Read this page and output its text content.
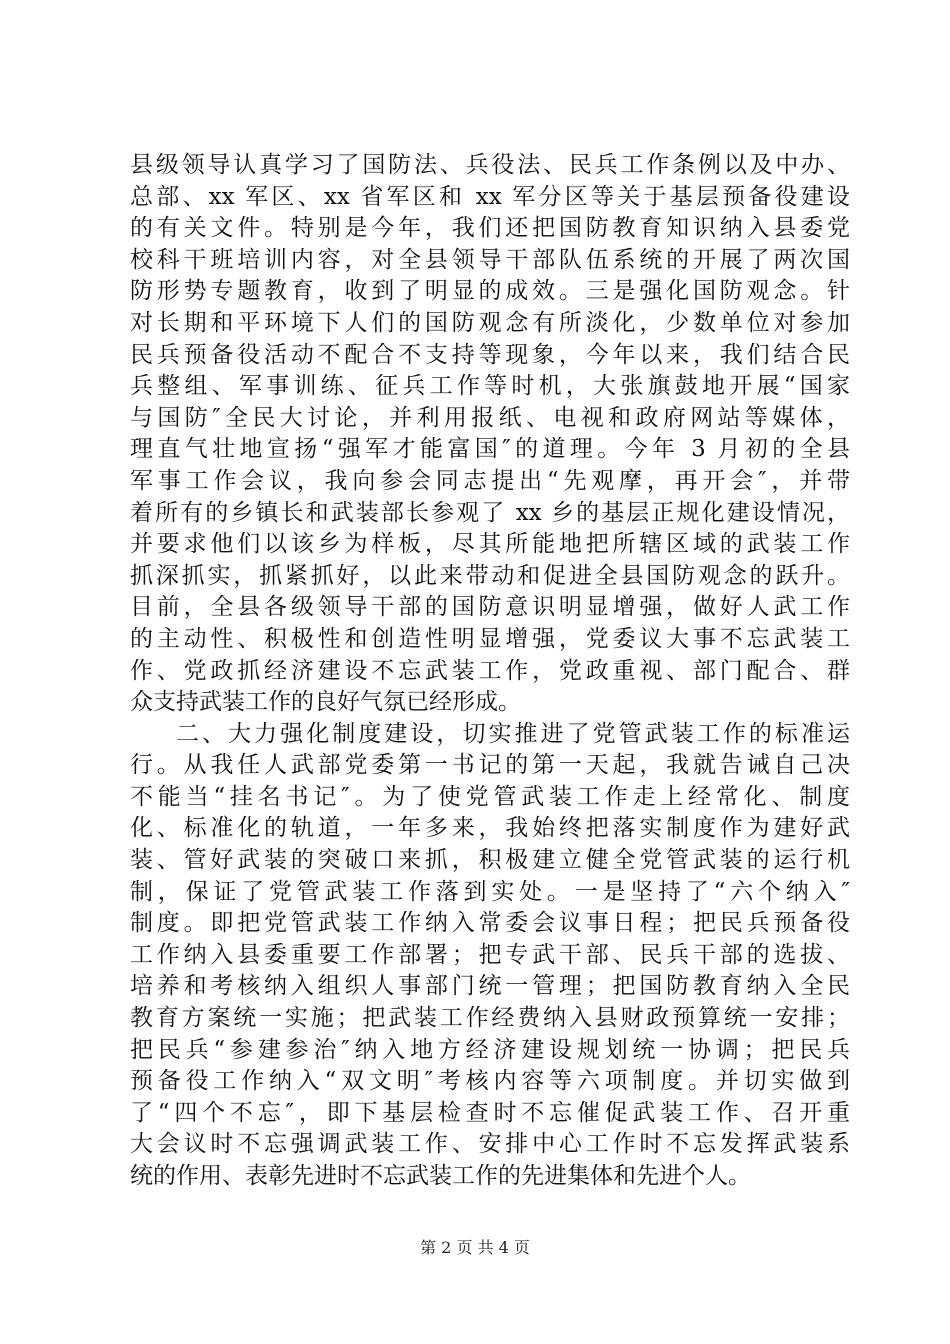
县级领导认真学习了国防法、兵役法、民兵工作条例以及中办、
总部、xx 军区、xx 省军区和 xx 军分区等关于基层预备役建设
的有关文件。特别是今年，我们还把国防教育知识纳入县委党
校科干班培训内容，对全县领导干部队伍系统的开展了两次国
防形势专题教育，收到了明显的成效。三是强化国防观念。针
对长期和平环境下人们的国防观念有所淡化，少数单位对参加
民兵预备役活动不配合不支持等现象，今年以来，我们结合民
兵整组、军事训练、征兵工作等时机，大张旗鼓地开展“国家
与国防″全民大讨论，并利用报纸、电视和政府网站等媒体，
理直气壮地宣扬“强军才能富国″的道理。今年 3 月初的全县
军事工作会议，我向参会同志提出“先观摩，再开会″，并带
着所有的乡镇长和武装部长参观了 xx 乡的基层正规化建设情况，
并要求他们以该乡为样板，尽其所能地把所辖区域的武装工作
抓深抓实，抓紧抓好，以此来带动和促进全县国防观念的跃升。
目前，全县各级领导干部的国防意识明显增强，做好人武工作
的主动性、积极性和创造性明显增强，党委议大事不忘武装工
作、党政抓经济建设不忘武装工作，党政重视、部门配合、群
众支持武装工作的良好气氛已经形成。
二、大力强化制度建设，切实推进了党管武装工作的标准运
行。从我任人武部党委第一书记的第一天起，我就告诫自己决
不能当“挂名书记″。为了使党管武装工作走上经常化、制度
化、标准化的轨道，一年多来，我始终把落实制度作为建好武
装、管好武装的突破口来抓，积极建立健全党管武装的运行机
制，保证了党管武装工作落到实处。一是坚持了“六个纳入″
制度。即把党管武装工作纳入常委会议事日程；把民兵预备役
工作纳入县委重要工作部署；把专武干部、民兵干部的选拔、
培养和考核纳入组织人事部门统一管理；把国防教育纳入全民
教育方案统一实施；把武装工作经费纳入县财政预算统一安排；
把民兵“参建参治″纳入地方经济建设规划统一协调；把民兵
预备役工作纳入“双文明″考核内容等六项制度。并切实做到
了“四个不忘″，即下基层检查时不忘催促武装工作、召开重
大会议时不忘强调武装工作、安排中心工作时不忘发挥武装系
统的作用、表彰先进时不忘武装工作的先进集体和先进个人。
第 2 页 共 4 页
